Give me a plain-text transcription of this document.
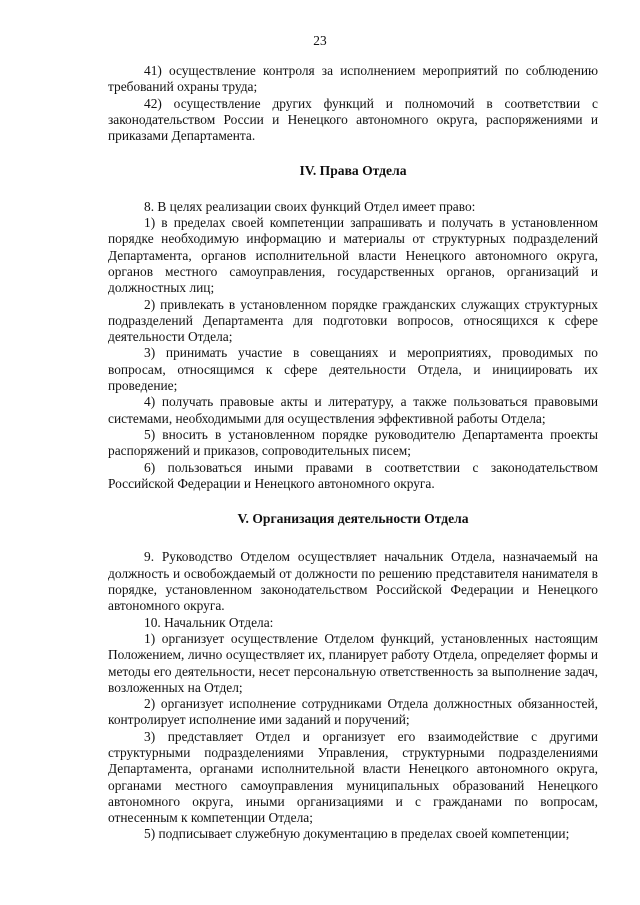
23

41) осуществление контроля за исполнением мероприятий по соблюдению требований охраны труда;

42) осуществление других функций и полномочий в соответствии с законодательством России и Ненецкого автономного округа, распоряжениями и приказами Департамента.

IV. Права Отдела

8. В целях реализации своих функций Отдел имеет право:

1) в пределах своей компетенции запрашивать и получать в установленном порядке необходимую информацию и материалы от структурных подразделений Департамента, органов исполнительной власти Ненецкого автономного округа, органов местного самоуправления, государственных органов, организаций и должностных лиц;

2) привлекать в установленном порядке гражданских служащих структурных подразделений Департамента для подготовки вопросов, относящихся к сфере деятельности Отдела;

3) принимать участие в совещаниях и мероприятиях, проводимых по вопросам, относящимся к сфере деятельности Отдела, и инициировать их проведение;

4) получать правовые акты и литературу, а также пользоваться правовыми системами, необходимыми для осуществления эффективной работы Отдела;

5) вносить в установленном порядке руководителю Департамента проекты распоряжений и приказов, сопроводительных писем;

6) пользоваться иными правами в соответствии с законодательством Российской Федерации и Ненецкого автономного округа.

V. Организация деятельности Отдела

9. Руководство Отделом осуществляет начальник Отдела, назначаемый на должность и освобождаемый от должности по решению представителя нанимателя в порядке, установленном законодательством Российской Федерации и Ненецкого автономного округа.

10. Начальник Отдела:

1) организует осуществление Отделом функций, установленных настоящим Положением, лично осуществляет их, планирует работу Отдела, определяет формы и методы его деятельности, несет персональную ответственность за выполнение задач, возложенных на Отдел;

2) организует исполнение сотрудниками Отдела должностных обязанностей, контролирует исполнение ими заданий и поручений;

3) представляет Отдел и организует его взаимодействие с другими структурными подразделениями Управления, структурными подразделениями Департамента, органами исполнительной власти Ненецкого автономного округа, органами местного самоуправления муниципальных образований Ненецкого автономного округа, иными организациями и с гражданами по вопросам, отнесенным к компетенции Отдела;

5) подписывает служебную документацию в пределах своей компетенции;
